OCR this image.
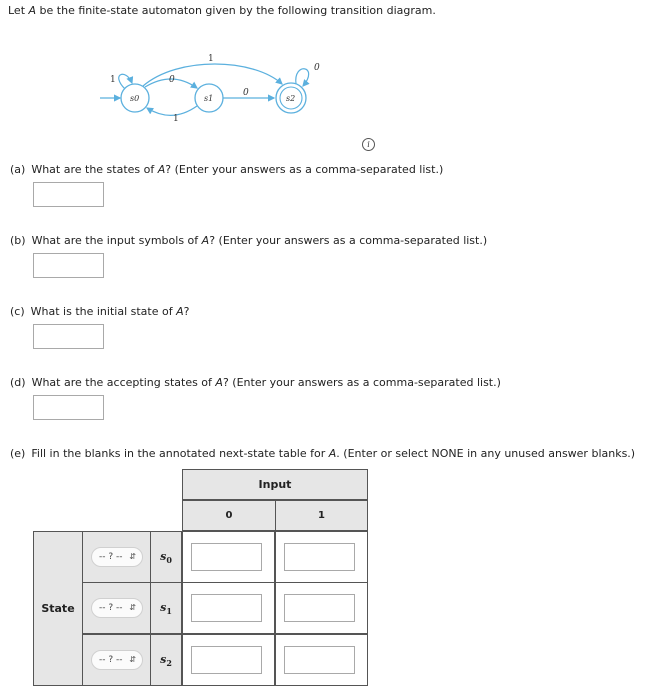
Let A be the finite-state automaton given by the following transition diagram.
s0	s1	s2
1	0
1
1
0
0
i
(a) What are the states of A? (Enter your answers as a comma-separated list.)
(b) What are the input symbols of A? (Enter your answers as a comma-separated list.)
(c) What is the initial state of A?
(d) What are the accepting states of A? (Enter your answers as a comma-separated list.)
(e) Fill in the blanks in the annotated next-state table for A. (Enter or select NONE in any unused answer blanks.)
Input
0	1
State
-- ? -- ⇵	$s_0$
-- ? -- ⇵	$s_1$
-- ? -- ⇵	$s_2$
